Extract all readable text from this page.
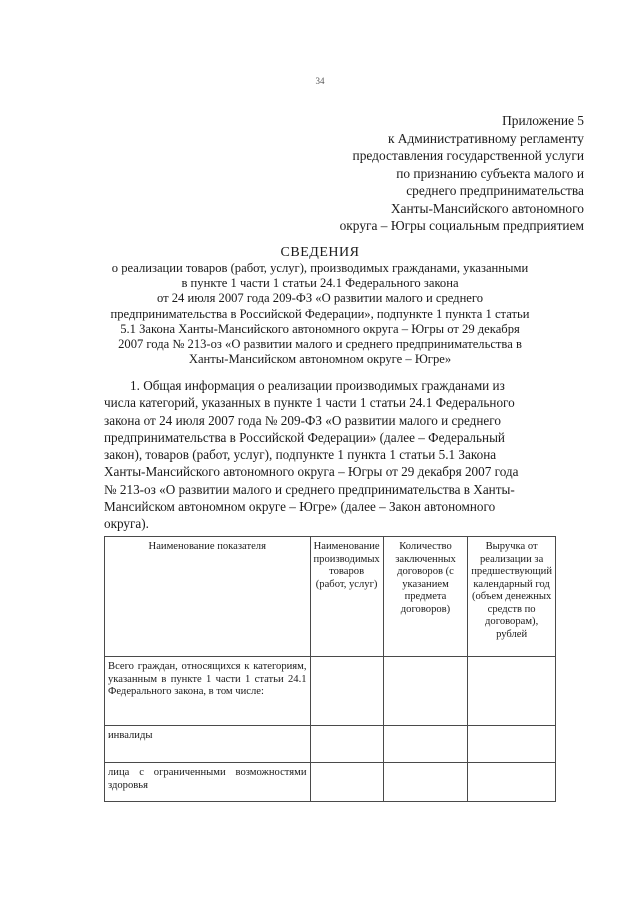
34
Приложение 5
к Административному регламенту
предоставления государственной услуги
по признанию субъекта малого и
среднего предпринимательства
Ханты-Мансийского автономного
округа – Югры социальным предприятием
СВЕДЕНИЯ
о реализации товаров (работ, услуг), производимых гражданами, указанными
в пункте 1 части 1 статьи 24.1 Федерального закона
от 24 июля 2007 года 209-ФЗ «О развитии малого и среднего
предпринимательства в Российской Федерации», подпункте 1 пункта 1 статьи
5.1 Закона Ханты-Мансийского автономного округа – Югры от 29 декабря
2007 года № 213-оз «О развитии малого и среднего предпринимательства в
Ханты-Мансийском автономном округе – Югре»
1. Общая информация о реализации производимых гражданами из
числа категорий, указанных в пункте 1 части 1 статьи 24.1 Федерального
закона от 24 июля 2007 года № 209-ФЗ «О развитии малого и среднего
предпринимательства в Российской Федерации» (далее – Федеральный
закон), товаров (работ, услуг), подпункте 1 пункта 1 статьи 5.1 Закона
Ханты-Мансийского автономного округа – Югры от 29 декабря 2007 года
№ 213-оз «О развитии малого и среднего предпринимательства в Ханты-
Мансийском автономном округе – Югре» (далее – Закон автономного
округа).
Наименование показателя	Наименование производимых товаров (работ, услуг)	Количество заключенных договоров (с указанием предмета договоров)	Выручка от реализации за предшествующий календарный год (объем денежных средств по договорам), рублей
Всего граждан, относящихся к категориям, указанным в пункте 1 части 1 статьи 24.1 Федерального закона, в том числе:			
инвалиды			
лица с ограниченными возможностями здоровья			
